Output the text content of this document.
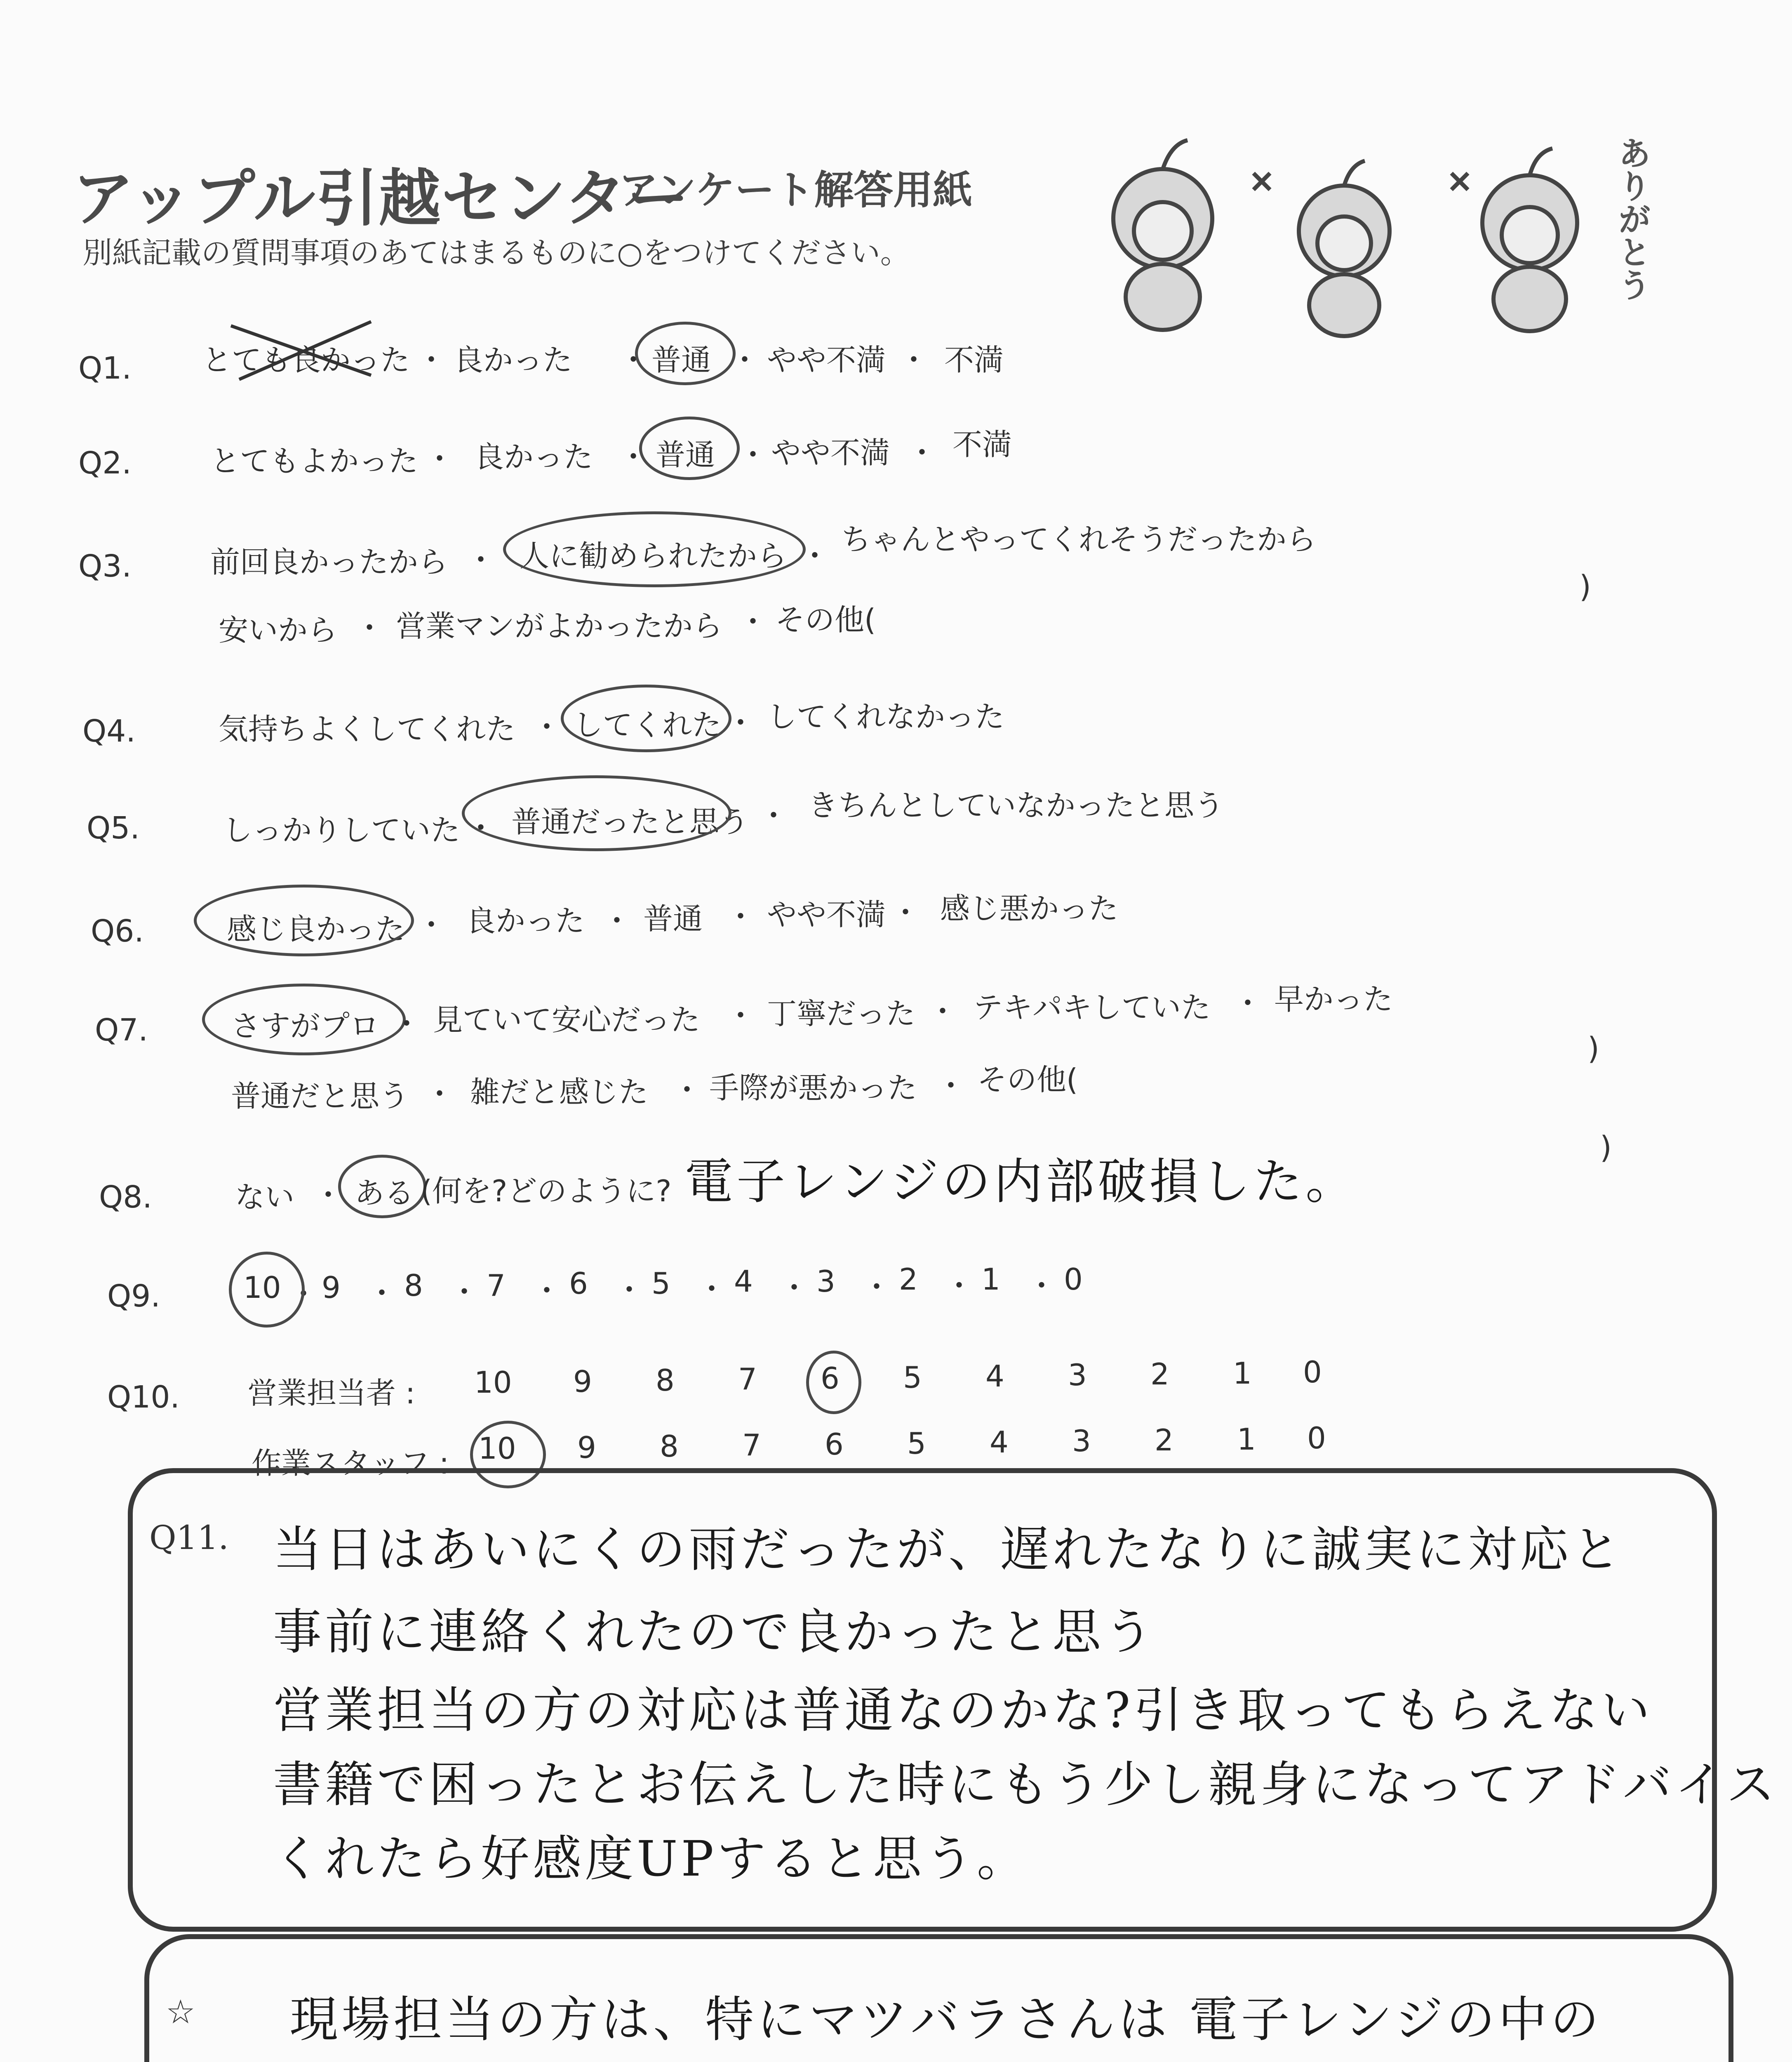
アップル引越センター
アンケート解答用紙
別紙記載の質問事項のあてはまるものに○をつけてください。	ありがとう
Q1. とても良かった ・ 良かった ・ 普通 ・ やや不満 ・ 不満
Q2.	とてもよかった ・ 良かった ・ 普通 ・ やや不満 ・ 不満
Q3.	前回良かったから ・ 人に勧められたから ・ ちゃんとやってくれそうだったから
安いから ・ 営業マンがよかったから ・ その他(
)
Q4.	気持ちよくしてくれた ・ してくれた ・ してくれなかった
Q5.	しっかりしていた ・ 普通だったと思う ・ きちんとしていなかったと思う
Q6.	感じ良かった ・ 良かった ・ 普通 ・ やや不満 ・ 感じ悪かった
Q7.	さすがプロ ・ 見ていて安心だった ・ 丁寧だった ・ テキパキしていた ・ 早かった
普通だと思う ・ 雑だと感じた ・ 手際が悪かった ・ その他(
)
Q8.	ない ・ ある (何を?どのように? 電子レンジの内部破損した。
)
Q9.	10 9 8 7 6 5 4 3 2 1 0
・ ・ ・ ・ ・ ・ ・ ・ ・ ・
Q10. 営業担当者 : 10 9 8 7 6 5 4 3 2 1 0
作業スタッフ : 10 9 8 7 6 5 4 3 2 1 0
Q11. 当日はあいにくの雨だったが、遅れたなりに誠実に対応と
事前に連絡くれたので良かったと思う
営業担当の方の対応は普通なのかな?引き取ってもらえない
書籍で困ったとお伝えした時にもう少し親身になってアドバイス
くれたら好感度UPすると思う。
☆ 現場担当の方は、特にマツバラさんは 電子レンジの中の
